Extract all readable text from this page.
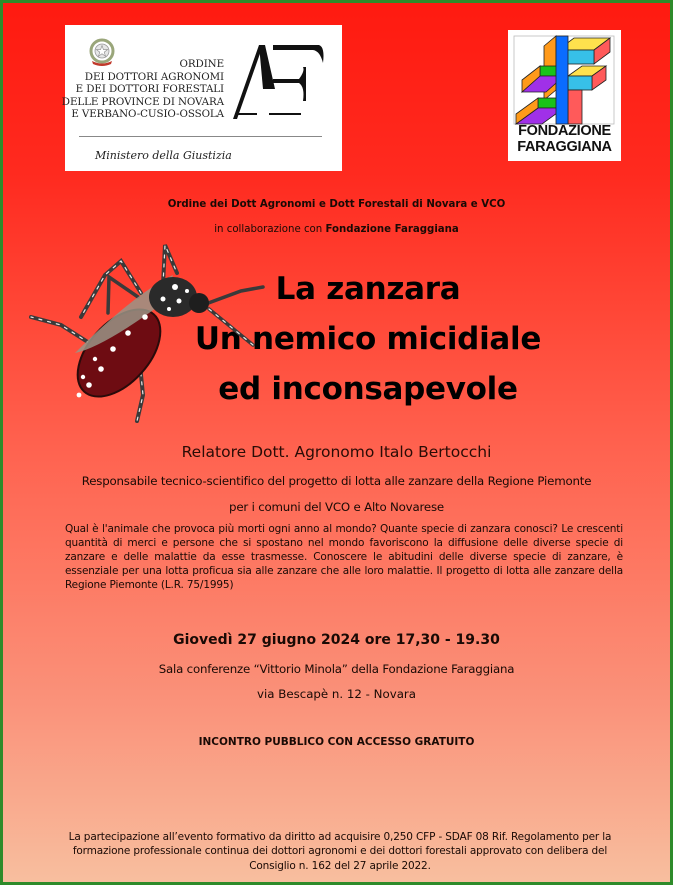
ORDINE
DEI DOTTORI AGRONOMI
E DEI DOTTORI FORESTALI
DELLE PROVINCE DI NOVARA
E VERBANO-CUSIO-OSSOLA
Ministero della Giustizia
FONDAZIONE
FARAGGIANA
Ordine dei Dott Agronomi e Dott Forestali di Novara e VCO
in collaborazione con Fondazione Faraggiana
La zanzara
Un nemico micidiale
ed inconsapevole
Relatore Dott. Agronomo Italo Bertocchi
Responsabile tecnico-scientifico del progetto di lotta alle zanzare della Regione Piemonte
per i comuni del VCO e Alto Novarese
Qual è l'animale che provoca più morti ogni anno al mondo? Quante specie di zanzara conosci? Le crescenti quantità di merci e persone che si spostano nel mondo favoriscono la diffusione delle diverse specie di zanzare e delle malattie da esse trasmesse. Conoscere le abitudini delle diverse specie di zanzare, è essenziale per una lotta proficua sia alle zanzare che alle loro malattie. Il progetto di lotta alle zanzare della Regione Piemonte (L.R. 75/1995)
Giovedì 27 giugno 2024 ore 17,30 - 19.30
Sala conferenze “Vittorio Minola” della Fondazione Faraggiana
via Bescapè n. 12 - Novara
INCONTRO PUBBLICO CON ACCESSO GRATUITO
La partecipazione all’evento formativo da diritto ad acquisire 0,250 CFP - SDAF 08 Rif. Regolamento per la
formazione professionale continua dei dottori agronomi e dei dottori forestali approvato con delibera del
Consiglio n. 162 del 27 aprile 2022.
